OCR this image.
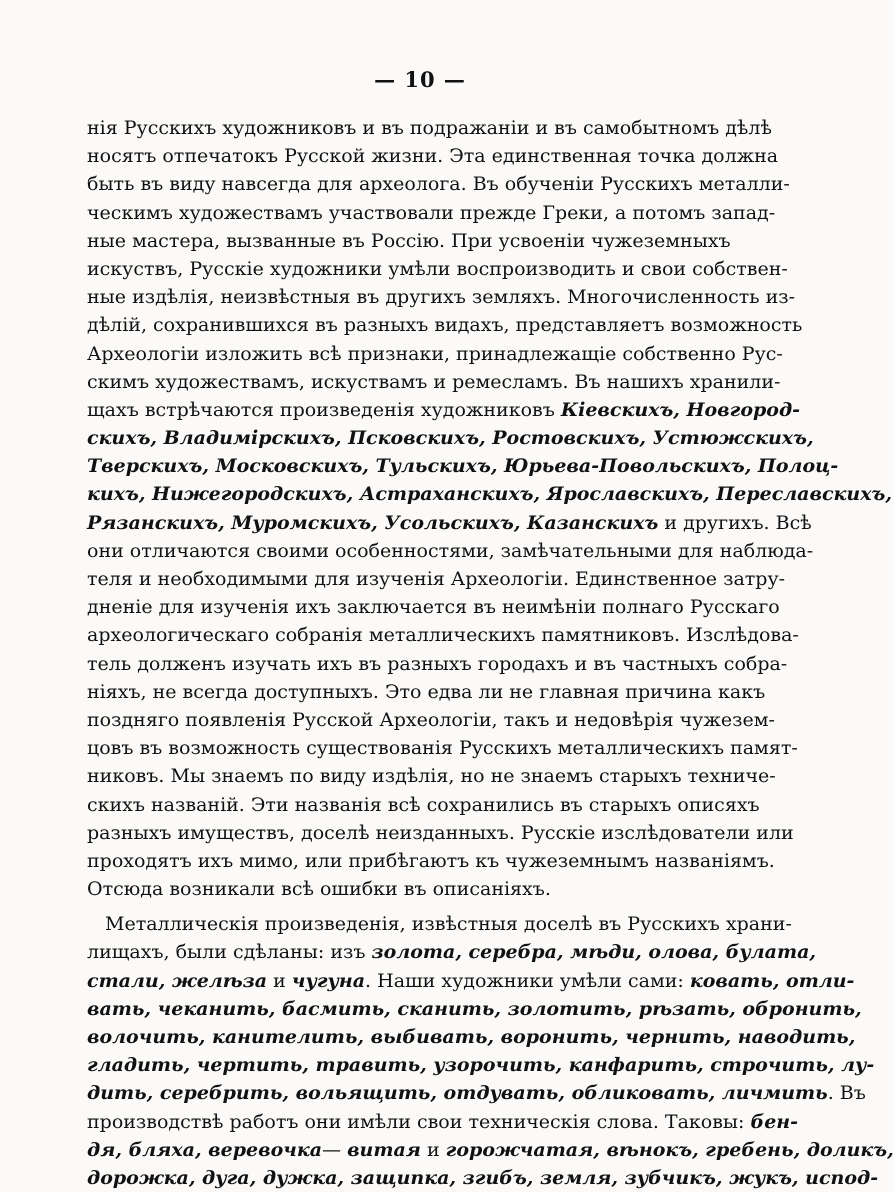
— 10 —
нія Русскихъ художниковъ и въ подражаніи и въ самобытномъ дѣлѣ
носятъ отпечатокъ Русской жизни. Эта единственная точка должна
быть въ виду навсегда для археолога. Въ обученіи Русскихъ металли-
ческимъ художествамъ участвовали прежде Греки, а потомъ запад-
ные мастера, вызванные въ Россію. При усвоеніи чужеземныхъ
искуствъ, Русскіе художники умѣли воспроизводить и свои собствен-
ные издѣлія, неизвѣстныя въ другихъ земляхъ. Многочисленность из-
дѣлій, сохранившихся въ разныхъ видахъ, представляетъ возможность
Археологіи изложить всѣ признаки, принадлежащіе собственно Рус-
скимъ художествамъ, искуствамъ и ремесламъ. Въ нашихъ хранили-
щахъ встрѣчаются произведенія художниковъ Кіевскихъ, Новгород-
скихъ, Владимірскихъ, Псковскихъ, Ростовскихъ, Устюжскихъ,
Тверскихъ, Московскихъ, Тульскихъ, Юрьева-Повольскихъ, Полоц-
кихъ, Нижегородскихъ, Астраханскихъ, Ярославскихъ, Переславскихъ,
Рязанскихъ, Муромскихъ, Усольскихъ, Казанскихъ и другихъ. Всѣ
они отличаются своими особенностями, замѣчательными для наблюда-
теля и необходимыми для изученія Археологіи. Единственное затру-
дненіе для изученія ихъ заключается въ неимѣніи полнаго Русскаго
археологическаго собранія металлическихъ памятниковъ. Изслѣдова-
тель долженъ изучать ихъ въ разныхъ городахъ и въ частныхъ собра-
ніяхъ, не всегда доступныхъ. Это едва ли не главная причина какъ
поздняго появленія Русской Археологіи, такъ и недовѣрія чужезем-
цовъ въ возможность существованія Русскихъ металлическихъ памят-
никовъ. Мы знаемъ по виду издѣлія, но не знаемъ старыхъ техниче-
скихъ названій. Эти названія всѣ сохранились въ старыхъ описяхъ
разныхъ имуществъ, доселѣ неизданныхъ. Русскіе изслѣдователи или
проходятъ ихъ мимо, или прибѣгаютъ къ чужеземнымъ названіямъ.
Отсюда возникали всѣ ошибки въ описаніяхъ.
Металлическія произведенія, извѣстныя доселѣ въ Русскихъ храни-
лищахъ, были сдѣланы: изъ золота, серебра, мѣди, олова, булата,
стали, желѣза и чугуна. Наши художники умѣли сами: ковать, отли-
вать, чеканить, басмить, сканить, золотить, рѣзать, обронить,
волочить, канителить, выбивать, воронить, чернить, наводить,
гладить, чертить, травить, узорочить, канфарить, строчить, лу-
дить, серебрить, вольящить, отдувать, обликовать, личмить. Въ
производствѣ работъ они имѣли свои техническія слова. Таковы: бен-
дя, бляха, веревочка— витая и горожчатая, вѣнокъ, гребень, доликъ,
дорожка, дуга, дужка, защипка, згибъ, земля, зубчикъ, жукъ, испод-
